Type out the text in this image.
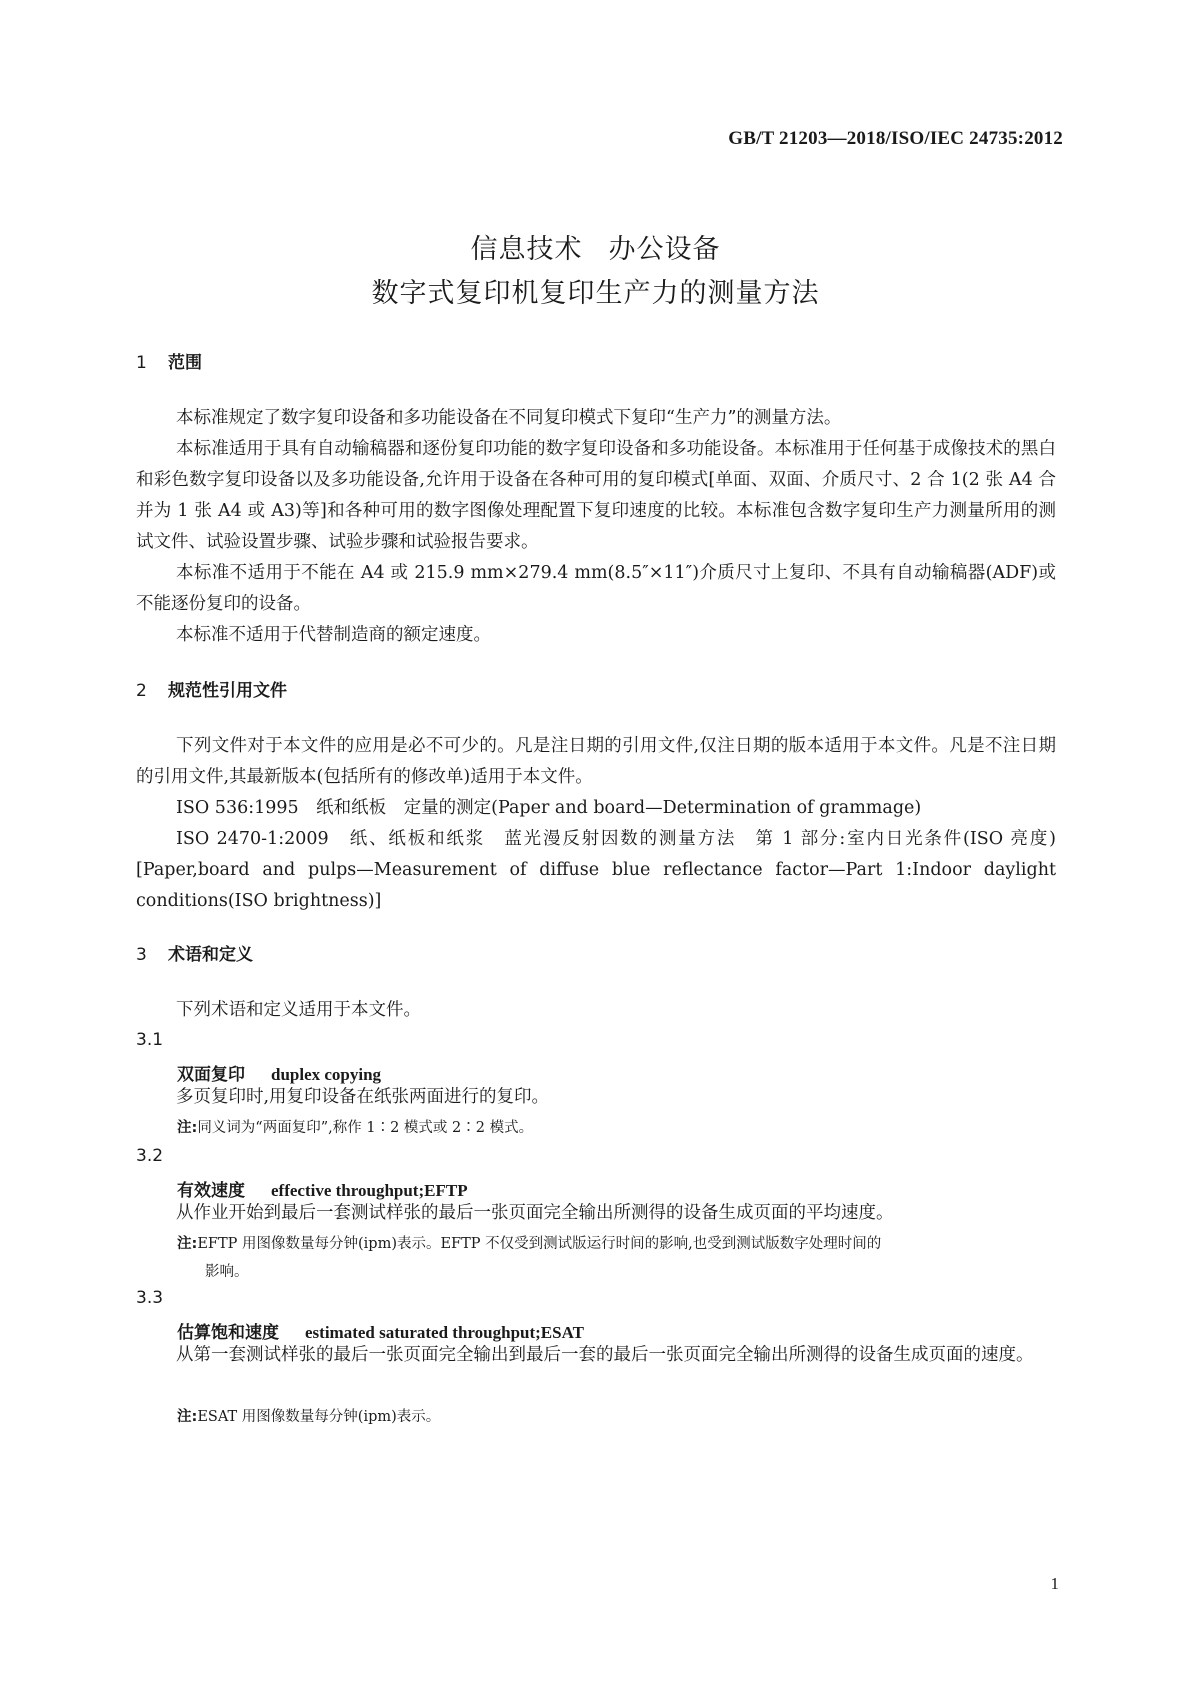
GB/T 21203—2018/ISO/IEC 24735:2012
信息技术 办公设备
数字式复印机复印生产力的测量方法
1 范围
本标准规定了数字复印设备和多功能设备在不同复印模式下复印“生产力”的测量方法。
本标准适用于具有自动输稿器和逐份复印功能的数字复印设备和多功能设备。本标准用于任何基于成像技术的黑白和彩色数字复印设备以及多功能设备,允许用于设备在各种可用的复印模式[单面、双面、介质尺寸、2 合 1(2 张 A4 合并为 1 张 A4 或 A3)等]和各种可用的数字图像处理配置下复印速度的比较。本标准包含数字复印生产力测量所用的测试文件、试验设置步骤、试验步骤和试验报告要求。
本标准不适用于不能在 A4 或 215.9 mm×279.4 mm(8.5″×11″)介质尺寸上复印、不具有自动输稿器(ADF)或不能逐份复印的设备。
本标准不适用于代替制造商的额定速度。
2 规范性引用文件
下列文件对于本文件的应用是必不可少的。凡是注日期的引用文件,仅注日期的版本适用于本文件。凡是不注日期的引用文件,其最新版本(包括所有的修改单)适用于本文件。
ISO 536:1995　纸和纸板　定量的测定(Paper and board—Determination of grammage)
ISO 2470-1:2009　纸、纸板和纸浆　蓝光漫反射因数的测量方法　第 1 部分:室内日光条件(ISO 亮度)[Paper,board and pulps—Measurement of diffuse blue reflectance factor—Part 1:Indoor daylight conditions(ISO brightness)]
3 术语和定义
下列术语和定义适用于本文件。
3.1
双面复印 duplex copying
多页复印时,用复印设备在纸张两面进行的复印。
注:同义词为“两面复印”,称作 1∶2 模式或 2∶2 模式。
3.2
有效速度 effective throughput;EFTP
从作业开始到最后一套测试样张的最后一张页面完全输出所测得的设备生成页面的平均速度。
注:EFTP 用图像数量每分钟(ipm)表示。EFTP 不仅受到测试版运行时间的影响,也受到测试版数字处理时间的
影响。
3.3
估算饱和速度 estimated saturated throughput;ESAT
从第一套测试样张的最后一张页面完全输出到最后一套的最后一张页面完全输出所测得的设备生成页面的速度。
注:ESAT 用图像数量每分钟(ipm)表示。
1
